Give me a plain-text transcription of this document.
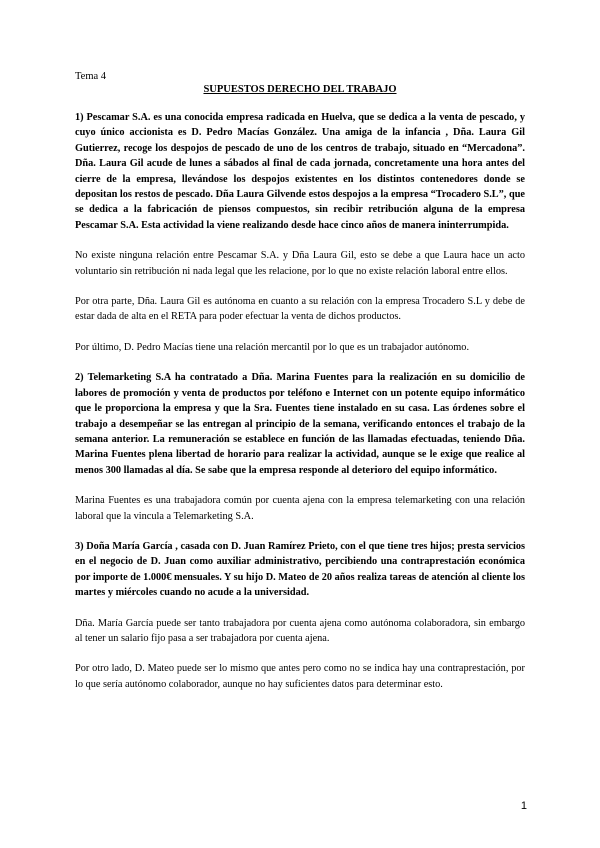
Tema 4
SUPUESTOS DERECHO DEL TRABAJO

1) Pescamar S.A. es una conocida empresa radicada en Huelva, que se dedica a la venta de pescado, y cuyo único accionista es D. Pedro Macías González. Una amiga de la infancia , Dña. Laura Gil Gutierrez, recoge los despojos de pescado de uno de los centros de trabajo, situado en “Mercadona”. Dña. Laura Gil acude de lunes a sábados al final de cada jornada, concretamente una hora antes del cierre de la empresa, llevándose los despojos existentes en los distintos contenedores donde se depositan los restos de pescado. Dña Laura Gilvende estos despojos a la empresa “Trocadero S.L”, que se dedica a la fabricación de piensos compuestos, sin recibir retribución alguna de la empresa Pescamar S.A. Esta actividad la viene realizando desde hace cinco años de manera ininterrumpida.

No existe ninguna relación entre Pescamar S.A. y Dña Laura Gil, esto se debe a que Laura hace un acto voluntario sin retribución ni nada legal que les relacione, por lo que no existe relación laboral entre ellos.

Por otra parte, Dña. Laura Gil es autónoma en cuanto a su relación con la empresa Trocadero S.L y debe de estar dada de alta en el RETA para poder efectuar la venta de dichos productos.

Por último, D. Pedro Macías tiene una relación mercantil por lo que es un trabajador autónomo.

2) Telemarketing S.A ha contratado a Dña. Marina Fuentes para la realización en su domicilio de labores de promoción y venta de productos por teléfono e Internet con un potente equipo informático que le proporciona la empresa y que la Sra. Fuentes tiene instalado en su casa. Las órdenes sobre el trabajo a desempeñar se las entregan al principio de la semana, verificando entonces el trabajo de la semana anterior. La remuneración se establece en función de las llamadas efectuadas, teniendo Dña. Marina Fuentes plena libertad de horario para realizar la actividad, aunque se le exige que realice al menos 300 llamadas al día. Se sabe que la empresa responde al deterioro del equipo informático.

Marina Fuentes es una trabajadora común por cuenta ajena con la empresa telemarketing con una relación laboral que la vincula a Telemarketing S.A.

3) Doña María García , casada con D. Juan Ramírez Prieto, con el que tiene tres hijos; presta servicios en el negocio de D. Juan como auxiliar administrativo, percibiendo una contraprestación económica por importe de 1.000€ mensuales. Y su hijo D. Mateo de 20 años realiza tareas de atención al cliente los martes y miércoles cuando no acude a la universidad.

Dña. María García puede ser tanto trabajadora por cuenta ajena como autónoma colaboradora, sin embargo al tener un salario fijo pasa a ser trabajadora por cuenta ajena.

Por otro lado, D. Mateo puede ser lo mismo que antes pero como no se indica hay una contraprestación, por lo que sería autónomo colaborador, aunque no hay suficientes datos para determinar esto.

1
